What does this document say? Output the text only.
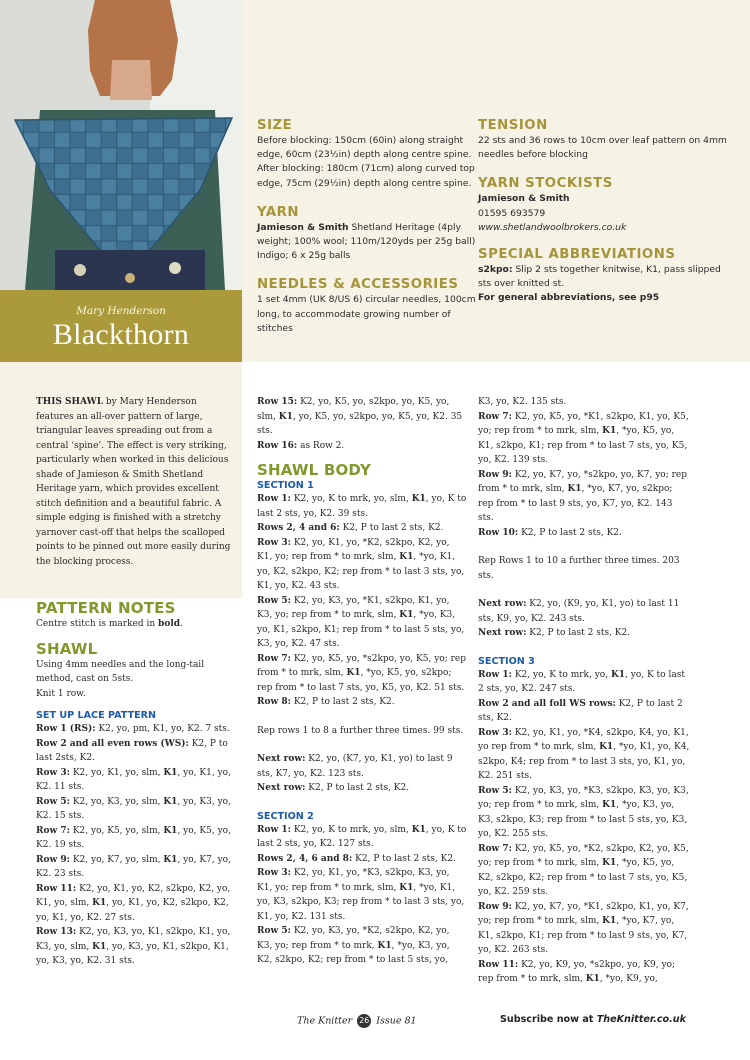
Mary Henderson
Blackthorn
SIZE
Before blocking: 150cm (60in) along straight edge, 60cm (23½in) depth along centre spine. After blocking: 180cm (71cm) along curved top edge, 75cm (29½in) depth along centre spine.
YARN
Jamieson & Smith Shetland Heritage (4ply weight; 100% wool; 110m/120yds per 25g ball) Indigo; 6 x 25g balls
NEEDLES & ACCESSORIES
1 set 4mm (UK 8/US 6) circular needles, 100cm long, to accommodate growing number of stitches
TENSION
22 sts and 36 rows to 10cm over leaf pattern on 4mm needles before blocking
YARN STOCKISTS
Jamieson & Smith
01595 693579
www.shetlandwoolbrokers.co.uk
SPECIAL ABBREVIATIONS
s2kpo: Slip 2 sts together knitwise, K1, pass slipped sts over knitted st.
For general abbreviations, see p95

THIS SHAWL by Mary Henderson features an all-over pattern of large, triangular leaves spreading out from a central ‘spine’. The effect is very striking, particularly when worked in this delicious shade of Jamieson & Smith Shetland Heritage yarn, which provides excellent stitch definition and a beautiful fabric. A simple edging is finished with a stretchy yarnover cast-off that helps the scalloped points to be pinned out more easily during the blocking process.

PATTERN NOTES

Centre stitch is marked in bold.

SHAWL

Using 4mm needles and the long-tail method, cast on 5sts.

Knit 1 row.

SET UP LACE PATTERN

Row 1 (RS): K2, yo, pm, K1, yo, K2. 7 sts.

Row 2 and all even rows (WS): K2, P to last 2sts, K2.

Row 3: K2, yo, K1, yo, slm, K1, yo, K1, yo, K2. 11 sts.

Row 5: K2, yo, K3, yo, slm, K1, yo, K3, yo, K2. 15 sts.

Row 7: K2, yo, K5, yo, slm, K1, yo, K5, yo, K2. 19 sts.

Row 9: K2, yo, K7, yo, slm, K1, yo, K7, yo, K2. 23 sts.

Row 11: K2, yo, K1, yo, K2, s2kpo, K2, yo, K1, yo, slm, K1, yo, K1, yo, K2, s2kpo, K2, yo, K1, yo, K2. 27 sts.

Row 13: K2, yo, K3, yo, K1, s2kpo, K1, yo, K3, yo, slm, K1, yo, K3, yo, K1, s2kpo, K1, yo, K3, yo, K2. 31 sts.

Row 15: K2, yo, K5, yo, s2kpo, yo, K5, yo, slm, K1, yo, K5, yo, s2kpo, yo, K5, yo, K2. 35 sts.

Row 16: as Row 2.

SHAWL BODY
SECTION 1

Row 1: K2, yo, K to mrk, yo, slm, K1, yo, K to last 2 sts, yo, K2. 39 sts.

Rows 2, 4 and 6: K2, P to last 2 sts, K2.

Row 3: K2, yo, K1, yo, *K2, s2kpo, K2, yo, K1, yo; rep from * to mrk, slm, K1, *yo, K1, yo, K2, s2kpo, K2; rep from * to last 3 sts, yo, K1, yo, K2. 43 sts.

Row 5: K2, yo, K3, yo, *K1, s2kpo, K1, yo, K3, yo; rep from * to mrk, slm, K1, *yo, K3, yo, K1, s2kpo, K1; rep from * to last 5 sts, yo, K3, yo, K2. 47 sts.

Row 7: K2, yo, K5, yo, *s2kpo, yo, K5, yo; rep from * to mrk, slm, K1, *yo, K5, yo, s2kpo; rep from * to last 7 sts, yo, K5, yo, K2. 51 sts.

Row 8: K2, P to last 2 sts, K2.

Rep rows 1 to 8 a further three times. 99 sts.

Next row: K2, yo, (K7, yo, K1, yo) to last 9 sts, K7, yo, K2. 123 sts.

Next row: K2, P to last 2 sts, K2.

SECTION 2

Row 1: K2, yo, K to mrk, yo, slm, K1, yo, K to last 2 sts, yo, K2. 127 sts.

Rows 2, 4, 6 and 8: K2, P to last 2 sts, K2.

Row 3: K2, yo, K1, yo, *K3, s2kpo, K3, yo, K1, yo; rep from * to mrk, slm, K1, *yo, K1, yo, K3, s2kpo, K3; rep from * to last 3 sts, yo, K1, yo, K2. 131 sts.

Row 5: K2, yo, K3, yo, *K2, s2kpo, K2, yo, K3, yo; rep from * to mrk, K1, *yo, K3, yo, K2, s2kpo, K2; rep from * to last 5 sts, yo,

K3, yo, K2. 135 sts.

Row 7: K2, yo, K5, yo, *K1, s2kpo, K1, yo, K5, yo; rep from * to mrk, slm, K1, *yo, K5, yo, K1, s2kpo, K1; rep from * to last 7 sts, yo, K5, yo, K2. 139 sts.

Row 9: K2, yo, K7, yo, *s2kpo, yo, K7, yo; rep from * to mrk, slm, K1, *yo, K7, yo, s2kpo; rep from * to last 9 sts, yo, K7, yo, K2. 143 sts.

Row 10: K2, P to last 2 sts, K2.

Rep Rows 1 to 10 a further three times. 203 sts.

Next row: K2, yo, (K9, yo, K1, yo) to last 11 sts, K9, yo, K2. 243 sts.

Next row: K2, P to last 2 sts, K2.

SECTION 3

Row 1: K2, yo, K to mrk, yo, K1, yo, K to last 2 sts, yo, K2. 247 sts.

Row 2 and all foll WS rows: K2, P to last 2 sts, K2.

Row 3: K2, yo, K1, yo, *K4, s2kpo, K4, yo, K1, yo rep from * to mrk, slm, K1, *yo, K1, yo, K4, s2kpo, K4; rep from * to last 3 sts, yo, K1, yo, K2. 251 sts.

Row 5: K2, yo, K3, yo, *K3, s2kpo, K3, yo, K3, yo; rep from * to mrk, slm, K1, *yo, K3, yo, K3, s2kpo, K3; rep from * to last 5 sts, yo, K3, yo, K2. 255 sts.

Row 7: K2, yo, K5, yo, *K2, s2kpo, K2, yo, K5, yo; rep from * to mrk, slm, K1, *yo, K5, yo, K2, s2kpo, K2; rep from * to last 7 sts, yo, K5, yo, K2. 259 sts.

Row 9: K2, yo, K7, yo, *K1, s2kpo, K1, yo, K7, yo; rep from * to mrk, slm, K1, *yo, K7, yo, K1, s2kpo, K1; rep from * to last 9 sts, yo, K7, yo, K2. 263 sts.

Row 11: K2, yo, K9, yo, *s2kpo, yo, K9, yo; rep from * to mrk, slm, K1, *yo, K9, yo,

The Knitter 26 Issue 81	Subscribe now at TheKnitter.co.uk
